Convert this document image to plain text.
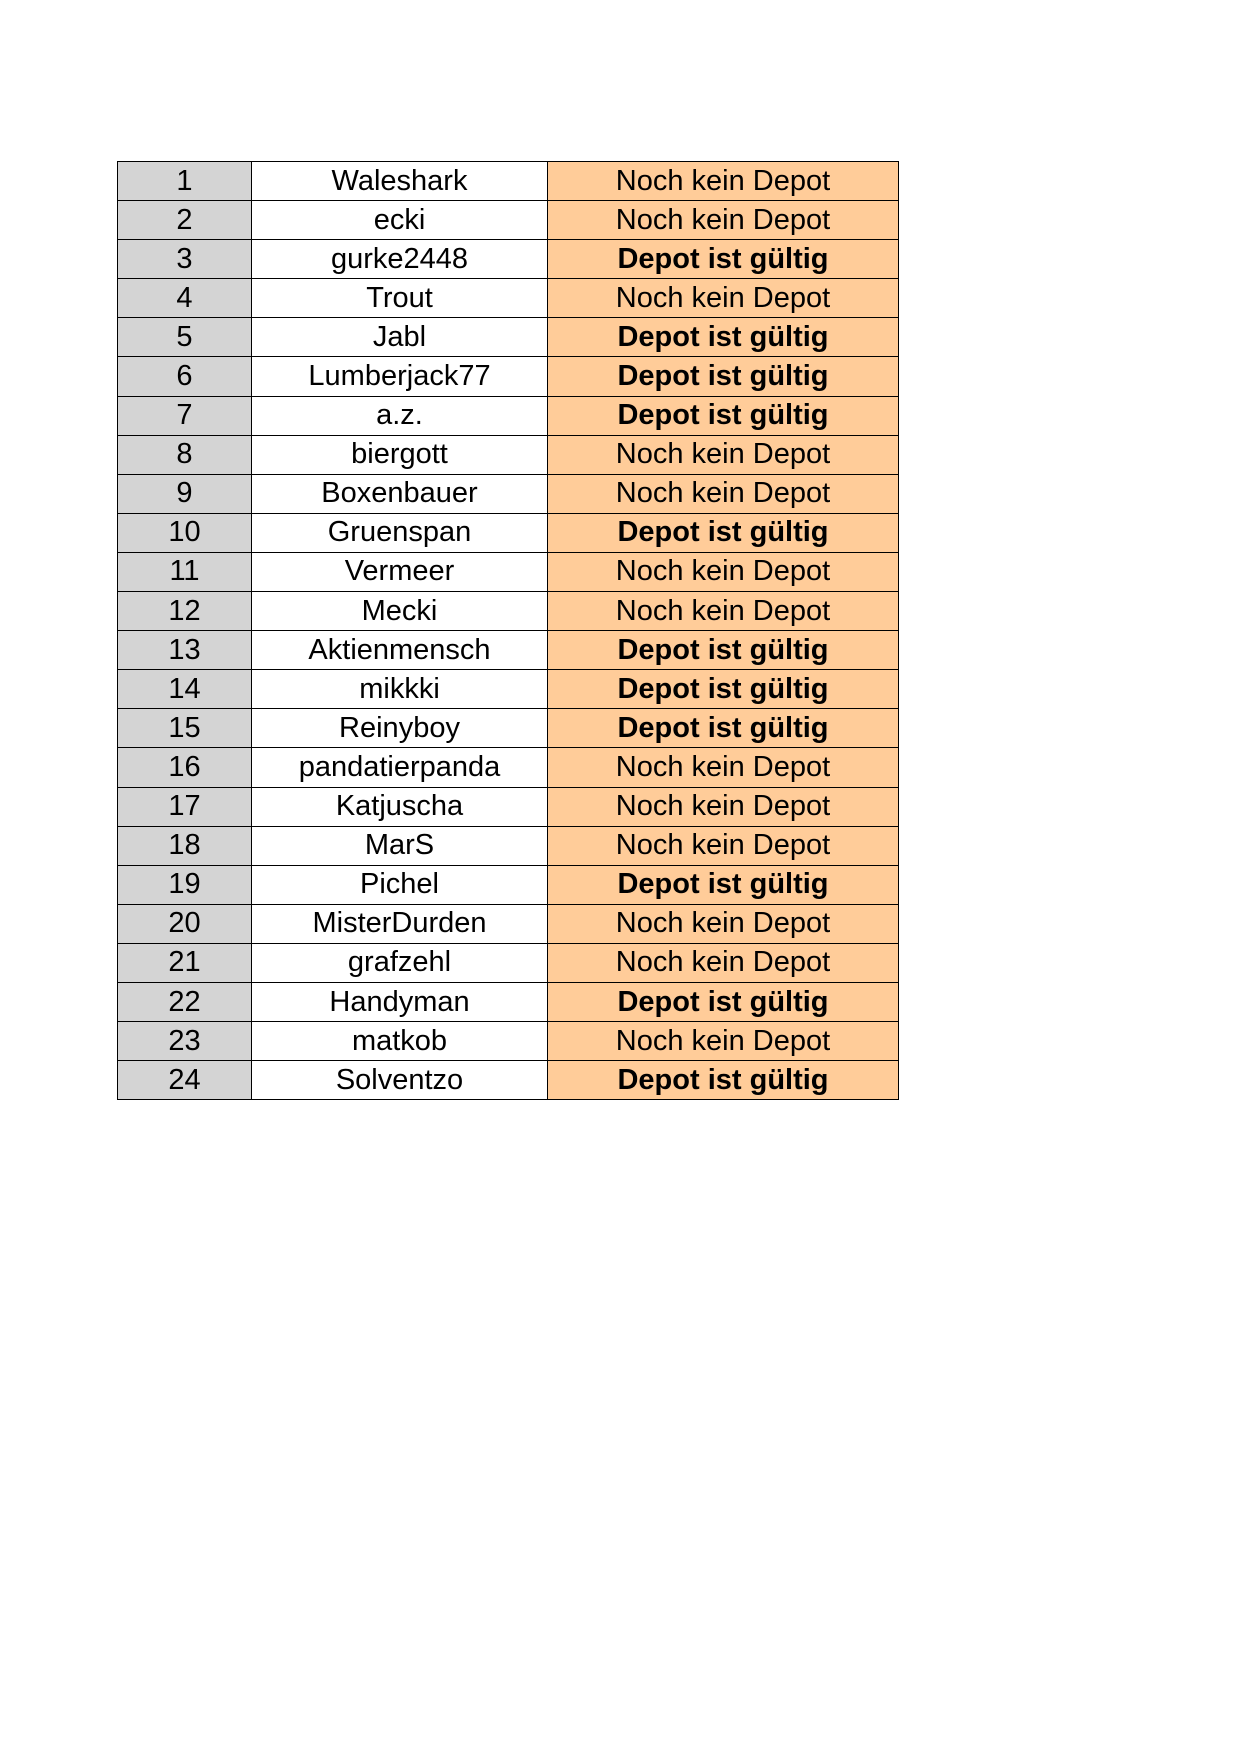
1	Waleshark	Noch kein Depot
2	ecki	Noch kein Depot
3	gurke2448	Depot ist gültig
4	Trout	Noch kein Depot
5	Jabl	Depot ist gültig
6	Lumberjack77	Depot ist gültig
7	a.z.	Depot ist gültig
8	biergott	Noch kein Depot
9	Boxenbauer	Noch kein Depot
10	Gruenspan	Depot ist gültig
11	Vermeer	Noch kein Depot
12	Mecki	Noch kein Depot
13	Aktienmensch	Depot ist gültig
14	mikkki	Depot ist gültig
15	Reinyboy	Depot ist gültig
16	pandatierpanda	Noch kein Depot
17	Katjuscha	Noch kein Depot
18	MarS	Noch kein Depot
19	Pichel	Depot ist gültig
20	MisterDurden	Noch kein Depot
21	grafzehl	Noch kein Depot
22	Handyman	Depot ist gültig
23	matkob	Noch kein Depot
24	Solventzo	Depot ist gültig
